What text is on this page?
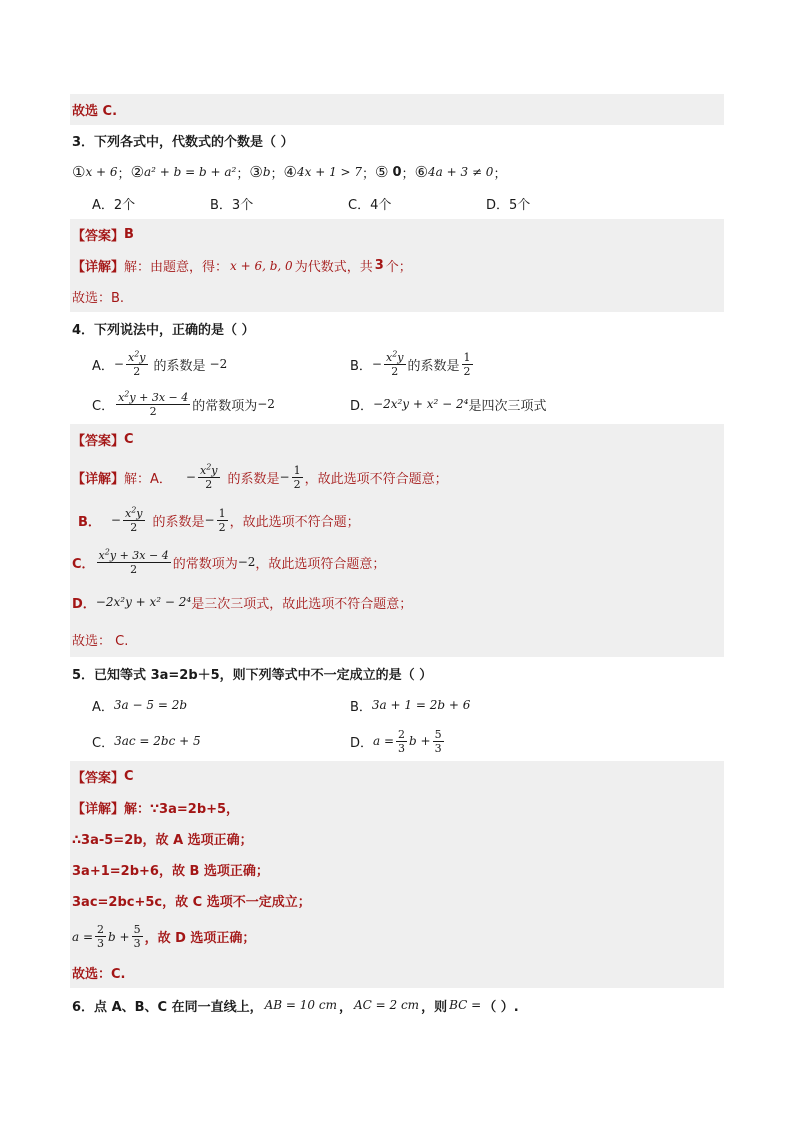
故选 C.
3．下列各式中，代数式的个数是（ ）
① x + 6 ； ② a² + b = b + a² ； ③ b ； ④ 4x + 1 > 7 ； ⑤ 0 ； ⑥ 4a + 3 ≠ 0 ；
A．2个	B．3个	C．4个	D．5个
【答案】 B
【详解】 解：由题意，得： x + 6, b, 0 为代数式，共 3 个；
故选：B.
4．下列说法中，正确的是（ ）
A． − $\frac{x^2y}{2}$ 的系数是 −2	B． − $\frac{x^2y}{2}$ 的系数是 $\frac{1}{2}$
C． $\frac{x^2y + 3x - 4}{2}$ 的常数项为 −2	D． −2x²y + x² − 2⁴ 是四次三项式
【答案】 C
【详解】 解：A． − $\frac{x^2y}{2}$ 的系数是 − $\frac{1}{2}$ ，故此选项不符合题意；
B． − $\frac{x^2y}{2}$ 的系数是 − $\frac{1}{2}$ ，故此选项不符合题；
C． $\frac{x^2y + 3x - 4}{2}$ 的常数项为 −2 ，故此选项符合题意；
D． −2x²y + x² − 2⁴ 是三次三项式，故此选项不符合题意；
故选： C.
5．已知等式 3a=2b＋5，则下列等式中不一定成立的是（ ）
A． 3a − 5 = 2b	B． 3a + 1 = 2b + 6
C． 3ac = 2bc + 5	D． $a = \frac{2}{3}$ $b + \frac{5}{3}$
【答案】 C
【详解】 解：∵3a=2b+5，
∴3a-5=2b，故 A 选项正确；
3a+1=2b+6，故 B 选项正确；
3ac=2bc+5c，故 C 选项不一定成立；
$a = \frac{2}{3}$ $b + \frac{5}{3}$ ，故 D 选项正确；
故选：C.
6．点 A、B、C 在同一直线上， AB = 10 cm ， AC = 2 cm ，则 BC = （ ）.
